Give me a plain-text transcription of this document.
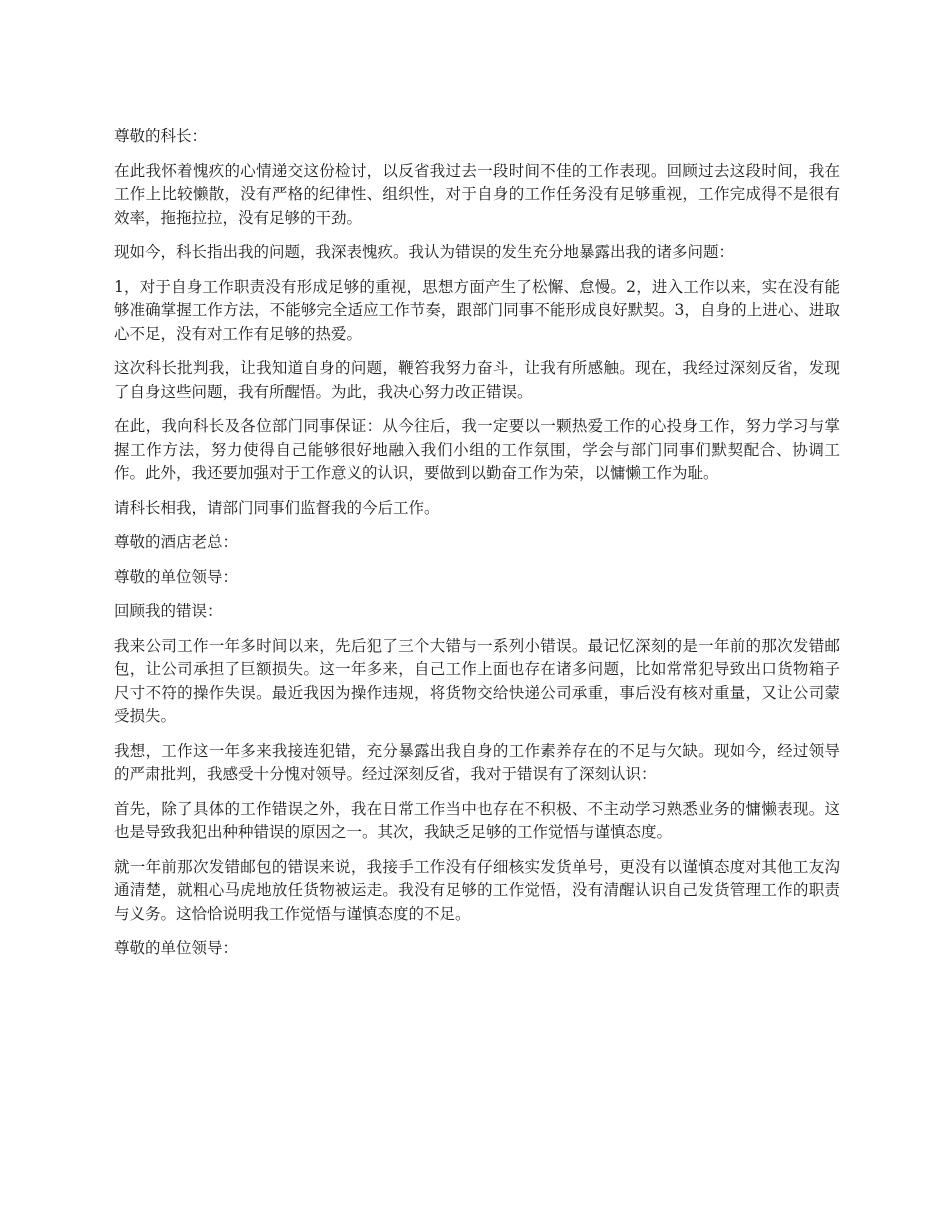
尊敬的科长：

在此我怀着愧疚的心情递交这份检讨，以反省我过去一段时间不佳的工作表现。回顾过去这段时间，我在工作上比较懒散，没有严格的纪律性、组织性，对于自身的工作任务没有足够重视，工作完成得不是很有效率，拖拖拉拉，没有足够的干劲。

现如今，科长指出我的问题，我深表愧疚。我认为错误的发生充分地暴露出我的诸多问题：

1，对于自身工作职责没有形成足够的重视，思想方面产生了松懈、怠慢。2，进入工作以来，实在没有能够准确掌握工作方法，不能够完全适应工作节奏，跟部门同事不能形成良好默契。3，自身的上进心、进取心不足，没有对工作有足够的热爱。

这次科长批判我，让我知道自身的问题，鞭笞我努力奋斗，让我有所感触。现在，我经过深刻反省，发现了自身这些问题，我有所醒悟。为此，我决心努力改正错误。

在此，我向科长及各位部门同事保证：从今往后，我一定要以一颗热爱工作的心投身工作，努力学习与掌握工作方法，努力使得自己能够很好地融入我们小组的工作氛围，学会与部门同事们默契配合、协调工作。此外，我还要加强对于工作意义的认识，要做到以勤奋工作为荣，以慵懒工作为耻。

请科长相我，请部门同事们监督我的今后工作。

尊敬的酒店老总：

尊敬的单位领导：

回顾我的错误：

我来公司工作一年多时间以来，先后犯了三个大错与一系列小错误。最记忆深刻的是一年前的那次发错邮包，让公司承担了巨额损失。这一年多来，自己工作上面也存在诸多问题，比如常常犯导致出口货物箱子尺寸不符的操作失误。最近我因为操作违规，将货物交给快递公司承重，事后没有核对重量，又让公司蒙受损失。

我想，工作这一年多来我接连犯错，充分暴露出我自身的工作素养存在的不足与欠缺。现如今，经过领导的严肃批判，我感受十分愧对领导。经过深刻反省，我对于错误有了深刻认识：

首先，除了具体的工作错误之外，我在日常工作当中也存在不积极、不主动学习熟悉业务的慵懒表现。这也是导致我犯出种种错误的原因之一。其次，我缺乏足够的工作觉悟与谨慎态度。

就一年前那次发错邮包的错误来说，我接手工作没有仔细核实发货单号，更没有以谨慎态度对其他工友沟通清楚，就粗心马虎地放任货物被运走。我没有足够的工作觉悟，没有清醒认识自己发货管理工作的职责与义务。这恰恰说明我工作觉悟与谨慎态度的不足。

尊敬的单位领导：
